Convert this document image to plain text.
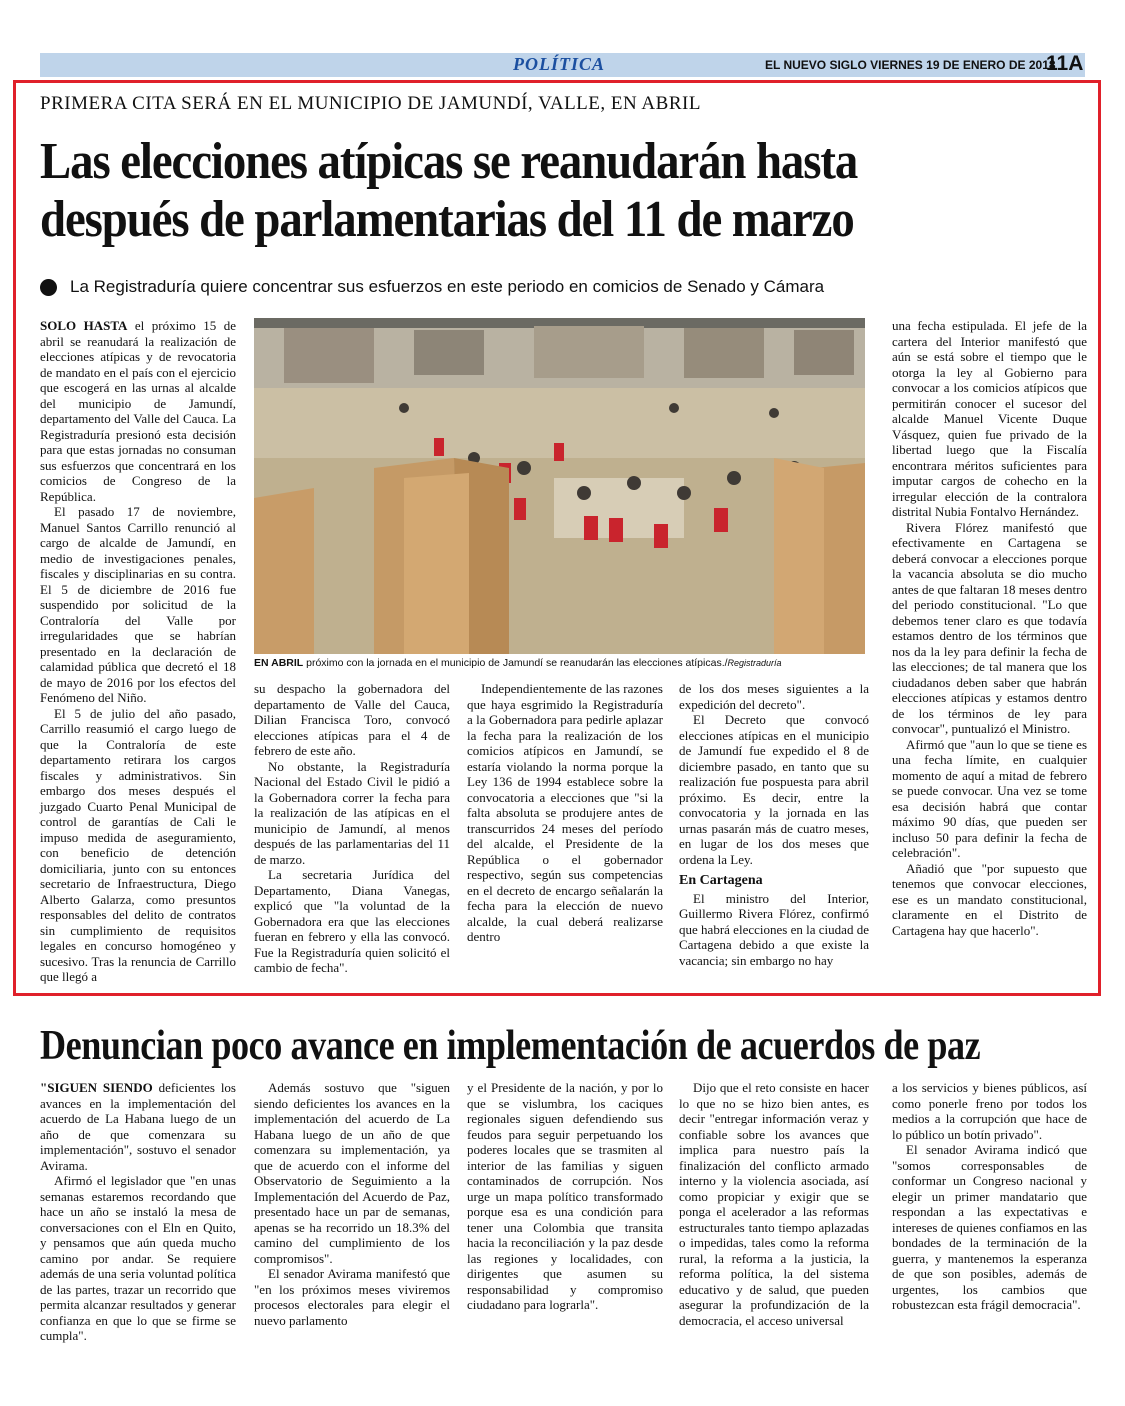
POLÍTICA	EL NUEVO SIGLO VIERNES 19 DE ENERO DE 2018
11A
PRIMERA CITA SERÁ EN EL MUNICIPIO DE JAMUNDÍ, VALLE, EN ABRIL
Las elecciones atípicas se reanudarán hasta después de parlamentarias del 11 de marzo
La Registraduría quiere concentrar sus esfuerzos en este periodo en comicios de Senado y Cámara

SOLO HASTA el próximo 15 de abril se reanudará la realización de elecciones atípicas y de revocatoria de mandato en el país con el ejercicio que escogerá en las urnas al alcalde del municipio de Jamundí, departamento del Valle del Cauca. La Registraduría presionó esta decisión para que estas jornadas no consuman sus esfuerzos que concentrará en los comicios de Congreso de la República.

El pasado 17 de noviembre, Manuel Santos Carrillo renunció al cargo de alcalde de Jamundí, en medio de investigaciones penales, fiscales y disciplinarias en su contra. El 5 de diciembre de 2016 fue suspendido por solicitud de la Contraloría del Valle por irregularidades que se habrían presentado en la declaración de calamidad pública que decretó el 18 de mayo de 2016 por los efectos del Fenómeno del Niño.

El 5 de julio del año pasado, Carrillo reasumió el cargo luego de que la Contraloría de este departamento retirara los cargos fiscales y administrativos. Sin embargo dos meses después el juzgado Cuarto Penal Municipal de control de garantías de Cali le impuso medida de aseguramiento, con beneficio de detención domiciliaria, junto con su entonces secretario de Infraestructura, Diego Alberto Galarza, como presuntos responsables del delito de contratos sin cumplimiento de requisitos legales en concurso homogéneo y sucesivo. Tras la renuncia de Carrillo que llegó a

EN ABRIL próximo con la jornada en el municipio de Jamundí se reanudarán las elecciones atípicas./Registraduría

su despacho la gobernadora del departamento de Valle del Cauca, Dilian Francisca Toro, convocó elecciones atípicas para el 4 de febrero de este año.

No obstante, la Registraduría Nacional del Estado Civil le pidió a la Gobernadora correr la fecha para la realización de las atípicas en el municipio de Jamundí, al menos después de las parlamentarias del 11 de marzo.

La secretaria Jurídica del Departamento, Diana Vanegas, explicó que "la voluntad de la Gobernadora era que las elecciones fueran en febrero y ella las convocó. Fue la Registraduría quien solicitó el cambio de fecha".

Independientemente de las razones que haya esgrimido la Registraduría a la Gobernadora para pedirle aplazar la fecha para la realización de los comicios atípicos en Jamundí, se estaría violando la norma porque la Ley 136 de 1994 establece sobre la convocatoria a elecciones que "si la falta absoluta se produjere antes de transcurridos 24 meses del período del alcalde, el Presidente de la República o el gobernador respectivo, según sus competencias en el decreto de encargo señalarán la fecha para la elección de nuevo alcalde, la cual deberá realizarse dentro

de los dos meses siguientes a la expedición del decreto".

El Decreto que convocó elecciones atípicas en el municipio de Jamundí fue expedido el 8 de diciembre pasado, en tanto que su realización fue pospuesta para abril próximo. Es decir, entre la convocatoria y la jornada en las urnas pasarán más de cuatro meses, en lugar de los dos meses que ordena la Ley.

En Cartagena

El ministro del Interior, Guillermo Rivera Flórez, confirmó que habrá elecciones en la ciudad de Cartagena debido a que existe la vacancia; sin embargo no hay

una fecha estipulada. El jefe de la cartera del Interior manifestó que aún se está sobre el tiempo que le otorga la ley al Gobierno para convocar a los comicios atípicos que permitirán conocer el sucesor del alcalde Manuel Vicente Duque Vásquez, quien fue privado de la libertad luego que la Fiscalía encontrara méritos suficientes para imputar cargos de cohecho en la irregular elección de la contralora distrital Nubia Fontalvo Hernández.

Rivera Flórez manifestó que efectivamente en Cartagena se deberá convocar a elecciones porque la vacancia absoluta se dio mucho antes de que faltaran 18 meses dentro del periodo constitucional. "Lo que debemos tener claro es que todavía estamos dentro de los términos que nos da la ley para definir la fecha de las elecciones; de tal manera que los ciudadanos deben saber que habrán elecciones atípicas y estamos dentro de los términos de ley para convocar", puntualizó el Ministro.

Afirmó que "aun lo que se tiene es una fecha límite, en cualquier momento de aquí a mitad de febrero se puede convocar. Una vez se tome esa decisión habrá que contar máximo 90 días, que pueden ser incluso 50 para definir la fecha de celebración".

Añadió que "por supuesto que tenemos que convocar elecciones, ese es un mandato constitucional, claramente en el Distrito de Cartagena hay que hacerlo".

Denuncian poco avance en implementación de acuerdos de paz

"SIGUEN SIENDO deficientes los avances en la implementación del acuerdo de La Habana luego de un año de que comenzara su implementación", sostuvo el senador Avirama.

Afirmó el legislador que "en unas semanas estaremos recordando que hace un año se instaló la mesa de conversaciones con el Eln en Quito, y pensamos que aún queda mucho camino por andar. Se requiere además de una seria voluntad política de las partes, trazar un recorrido que permita alcanzar resultados y generar confianza en que lo que se firme se cumpla".

Además sostuvo que "siguen siendo deficientes los avances en la implementación del acuerdo de La Habana luego de un año de que comenzara su implementación, ya que de acuerdo con el informe del Observatorio de Seguimiento a la Implementación del Acuerdo de Paz, presentado hace un par de semanas, apenas se ha recorrido un 18.3% del camino del cumplimiento de los compromisos".

El senador Avirama manifestó que "en los próximos meses viviremos procesos electorales para elegir el nuevo parlamento

y el Presidente de la nación, y por lo que se vislumbra, los caciques regionales siguen defendiendo sus feudos para seguir perpetuando los poderes locales que se trasmiten al interior de las familias y siguen contaminados de corrupción. Nos urge un mapa político transformado porque esa es una condición para tener una Colombia que transita hacia la reconciliación y la paz desde las regiones y localidades, con dirigentes que asumen su responsabilidad y compromiso ciudadano para lograrla".

Dijo que el reto consiste en hacer lo que no se hizo bien antes, es decir "entregar información veraz y confiable sobre los avances que implica para nuestro país la finalización del conflicto armado interno y la violencia asociada, así como propiciar y exigir que se ponga el acelerador a las reformas estructurales tanto tiempo aplazadas o impedidas, tales como la reforma rural, la reforma a la justicia, la reforma política, la del sistema educativo y de salud, que pueden asegurar la profundización de la democracia, el acceso universal

a los servicios y bienes públicos, así como ponerle freno por todos los medios a la corrupción que hace de lo público un botín privado".

El senador Avirama indicó que "somos corresponsables de conformar un Congreso nacional y elegir un primer mandatario que respondan a las expectativas e intereses de quienes confiamos en las bondades de la terminación de la guerra, y mantenemos la esperanza de que son posibles, además de urgentes, los cambios que robustezcan esta frágil democracia".
